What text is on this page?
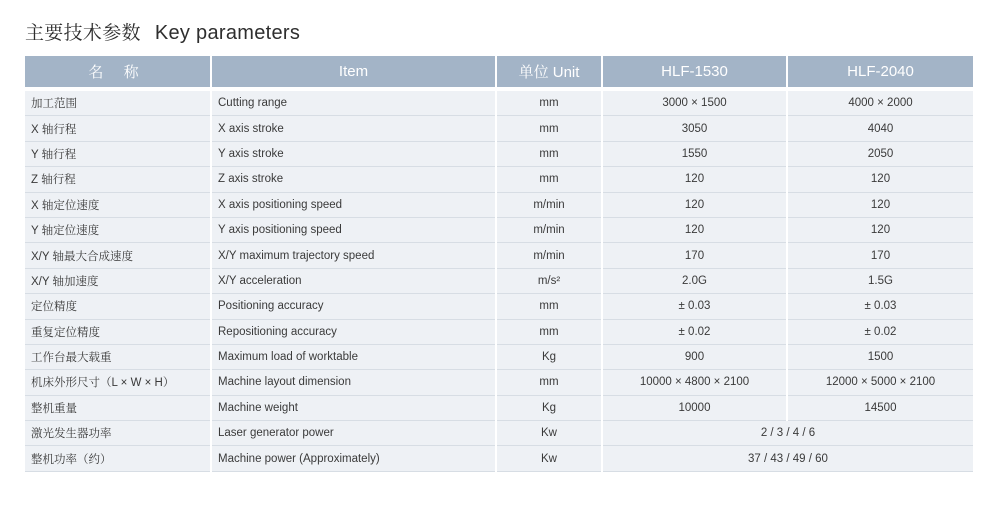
主要技术参数 Key parameters
名 称	Item	单位 Unit	HLF-1530	HLF-2040
加工范围	Cutting range	mm	3000 × 1500	4000 × 2000
X 轴行程	X axis stroke	mm	3050	4040
Y 轴行程	Y axis stroke	mm	1550	2050
Z 轴行程	Z axis stroke	mm	120	120
X 轴定位速度	X axis positioning speed	m/min	120	120
Y 轴定位速度	Y axis positioning speed	m/min	120	120
X/Y 轴最大合成速度	X/Y maximum trajectory speed	m/min	170	170
X/Y 轴加速度	X/Y acceleration	m/s²	2.0G	1.5G
定位精度	Positioning accuracy	mm	± 0.03	± 0.03
重复定位精度	Repositioning accuracy	mm	± 0.02	± 0.02
工作台最大载重	Maximum load of worktable	Kg	900	1500
机床外形尺寸（L × W × H）	Machine layout dimension	mm	10000 × 4800 × 2100	12000 × 5000 × 2100
整机重量	Machine weight	Kg	10000	14500
激光发生器功率	Laser generator power	Kw	2 / 3 / 4 / 6	
整机功率（约）	Machine power (Approximately)	Kw	37 / 43 / 49 / 60	
